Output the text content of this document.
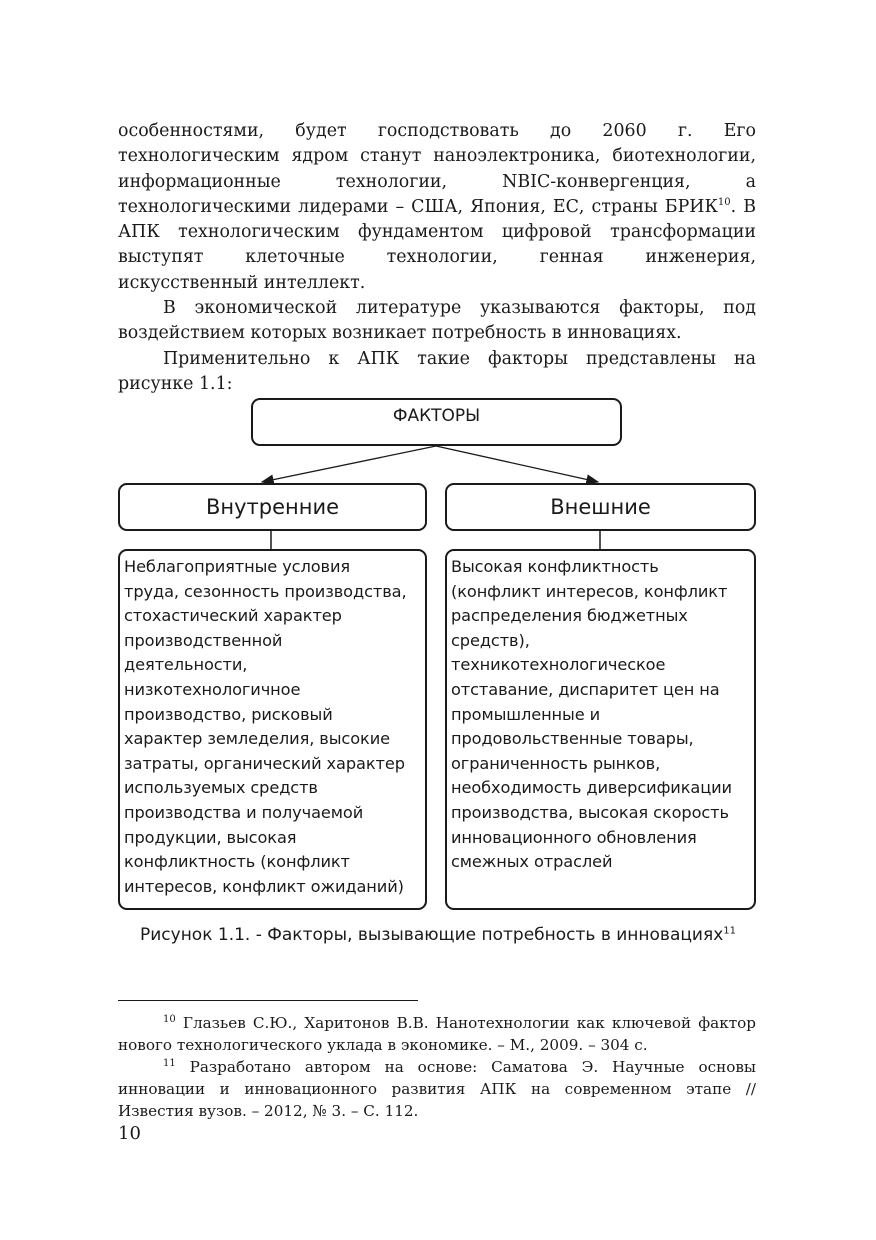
особенностями, будет господствовать до 2060 г. Его технологическим ядром станут наноэлектроника, биотехнологии, информационные технологии, NBIC-конвергенция, а технологическими лидерами – США, Япония, ЕС, страны БРИК$^{10}$. В АПК технологическим фундаментом цифровой трансформации выступят клеточные технологии, генная инженерия, искусственный интеллект.

В экономической литературе указываются факторы, под воздействием которых возникает потребность в инновациях.

Применительно к АПК такие факторы представлены на рисунке 1.1:

ФАКТОРЫ
Внутренние	Внешние
Неблагоприятные условия
труда, сезонность производства,
стохастический характер
производственной
деятельности,
низкотехнологичное
производство, рисковый
характер земледелия, высокие
затраты, органический характер
используемых средств
производства и получаемой
продукции, высокая
конфликтность (конфликт
интересов, конфликт ожиданий)
Высокая конфликтность
(конфликт интересов, конфликт
распределения бюджетных
средств),
техникотехнологическое
отставание, диспаритет цен на
промышленные и
продовольственные товары,
ограниченность рынков,
необходимость диверсификации
производства, высокая скорость
инновационного обновления
смежных отраслей

Рисунок 1.1. - Факторы, вызывающие потребность в инновациях$^{11}$

$^{10}$ Глазьев С.Ю., Харитонов В.В. Нанотехнологии как ключевой фактор нового технологического уклада в экономике. – М., 2009. – 304 с.

$^{11}$ Разработано автором на основе: Саматова Э. Научные основы инновации и инновационного развития АПК на современном этапе // Известия вузов. – 2012, № 3. – С. 112.

10
